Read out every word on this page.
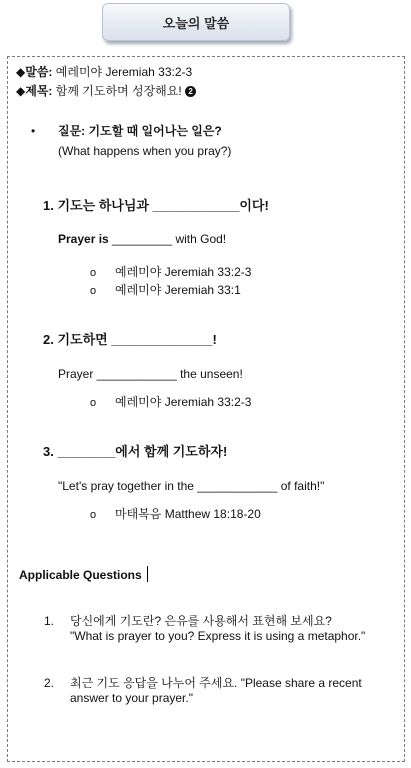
오늘의 말씀
◆말씀: 예레미야 Jeremiah 33:2-3
◆제목: 함께 기도하며 성장해요! 2
• 질문: 기도할 때 일어나는 일은?
(What happens when you pray?)
1. 기도는 하나님과 ____________이다!
Prayer is _________ with God!
o 예레미야 Jeremiah 33:2-3
o 예레미야 Jeremiah 33:1
2. 기도하면 ______________!
Prayer ____________ the unseen!
o 예레미야 Jeremiah 33:2-3
3. ________에서 함께 기도하자!
"Let's pray together in the ____________ of faith!"
o 마태복음 Matthew 18:18-20
Applicable Questions
1. 당신에게 기도란? 은유를 사용해서 표현해 보세요?
"What is prayer to you? Express it is using a metaphor."
2. 최근 기도 응답을 나누어 주세요. "Please share a recent
answer to your prayer."
